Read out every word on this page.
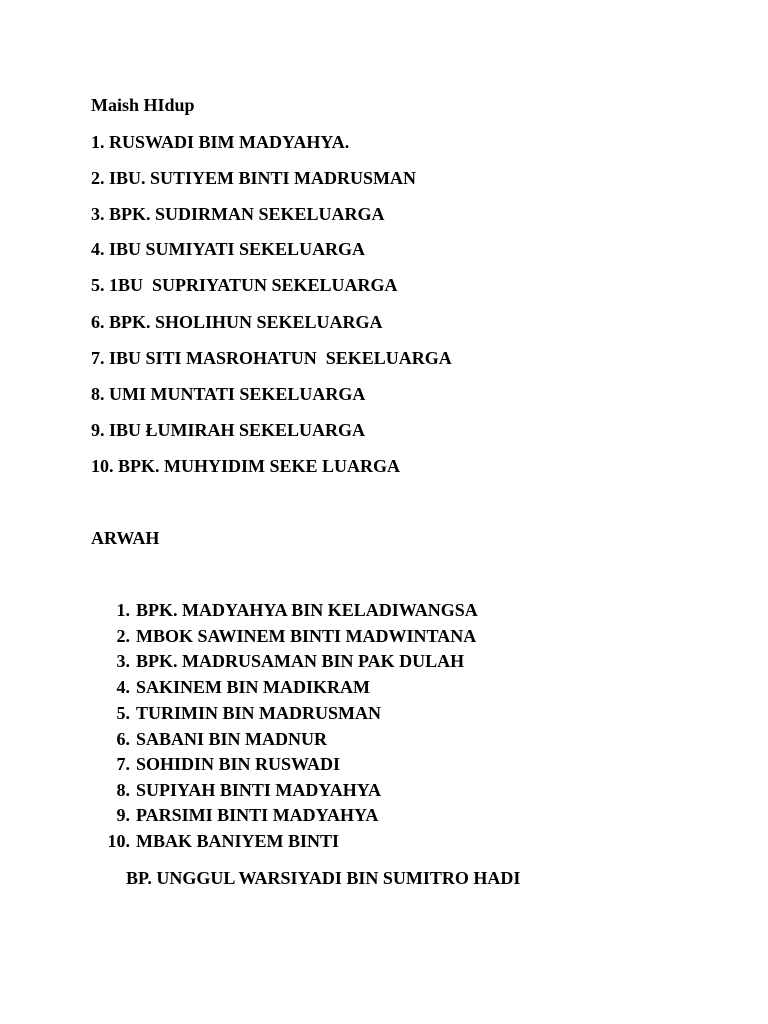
Maish HIdup
1. RUSWADI BIM MADYAHYA.
2. IBU. SUTIYEM BINTI MADRUSMAN
3. BPK. SUDIRMAN SEKELUARGA
4. IBU SUMIYATI SEKELUARGA
5. 1BU  SUPRIYATUN SEKELUARGA
6. BPK. SHOLIHUN SEKELUARGA
7. IBU SITI MASROHATUN  SEKELUARGA
8. UMI MUNTATI SEKELUARGA
9. IBU ŁUMIRAH SEKELUARGA
10. BPK. MUHYIDIM SEKE LUARGA
ARWAH
1. BPK. MADYAHYA BIN KELADIWANGSA
2. MBOK SAWINEM BINTI MADWINTANA
3. BPK. MADRUSAMAN BIN PAK DULAH
4. SAKINEM BIN MADIKRAM
5. TURIMIN BIN MADRUSMAN
6. SABANI BIN MADNUR
7. SOHIDIN BIN RUSWADI
8. SUPIYAH BINTI MADYAHYA
9. PARSIMI BINTI MADYAHYA
10. MBAK BANIYEM BINTI
BP. UNGGUL WARSIYADI BIN SUMITRO HADI
